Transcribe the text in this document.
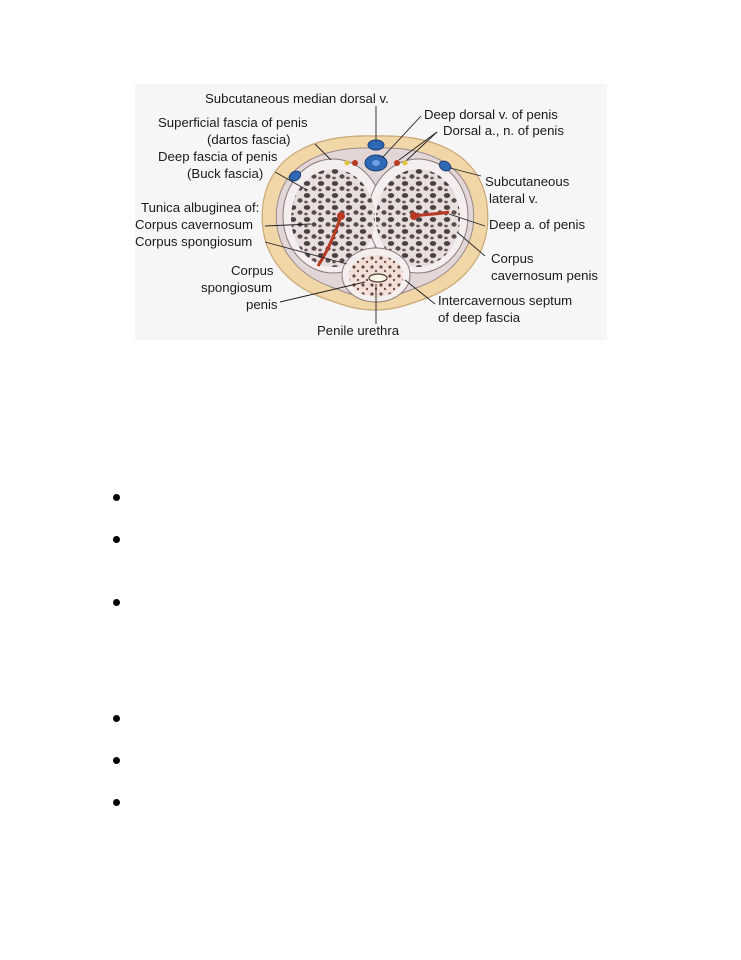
Subcutaneous median dorsal v.
Deep dorsal v. of penis
Dorsal a., n. of penis
Superficial fascia of penis
(dartos fascia)
Deep fascia of penis
(Buck fascia)
Subcutaneous
lateral v.
Tunica albuginea of:
Corpus cavernosum
Corpus spongiosum
Deep a. of penis
Corpus
cavernosum penis
Corpus
spongiosum
penis	Intercavernous septum
of deep fascia
Penile urethra
